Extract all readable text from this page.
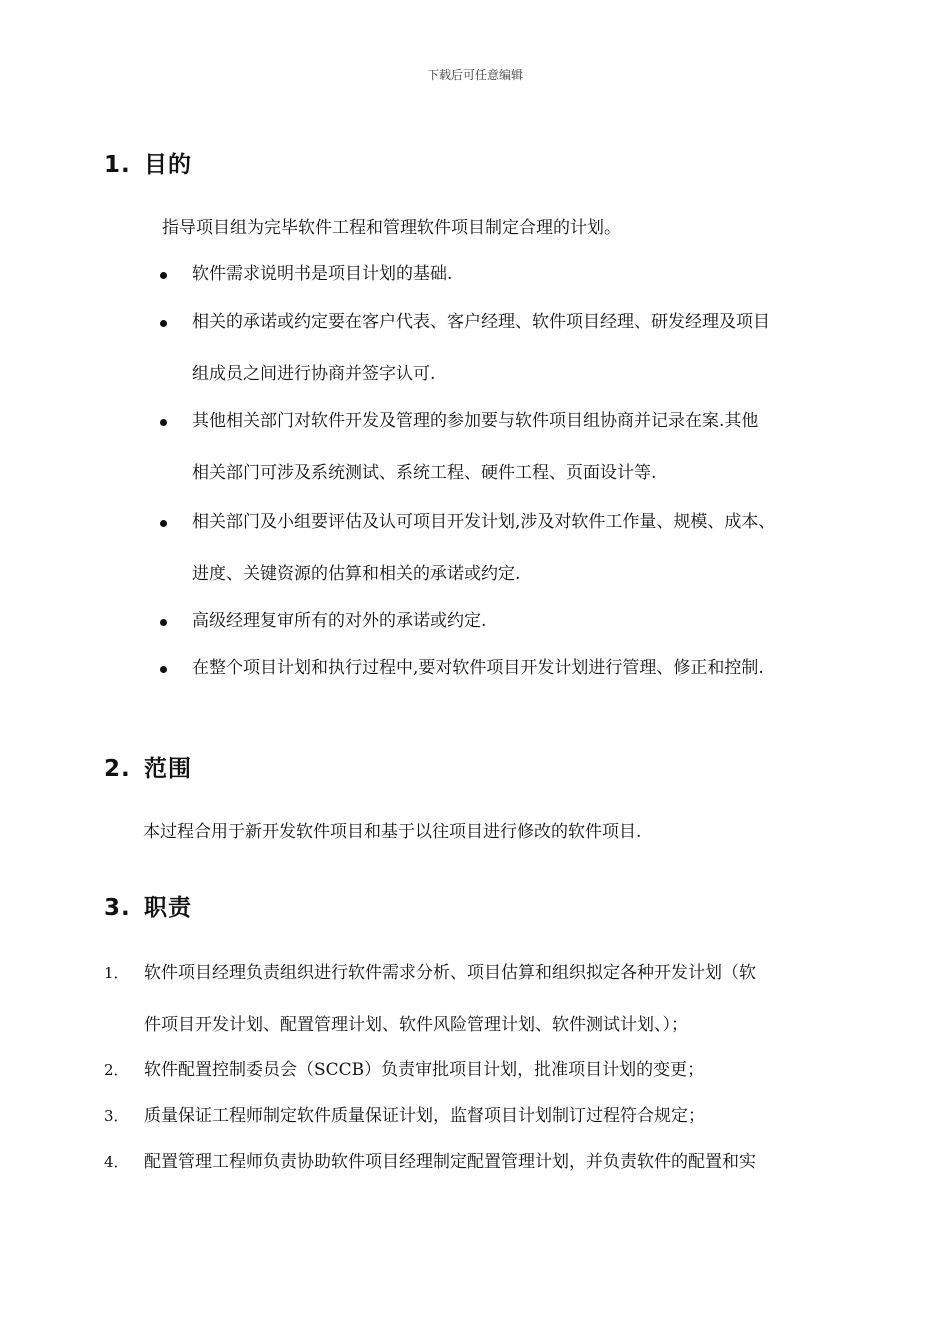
下载后可任意编辑
1. 目的

指导项目组为完毕软件工程和管理软件项目制定合理的计划。

软件需求说明书是项目计划的基础.
相关的承诺或约定要在客户代表、客户经理、软件项目经理、研发经理及项目
组成员之间进行协商并签字认可.
其他相关部门对软件开发及管理的参加要与软件项目组协商并记录在案.其他
相关部门可涉及系统测试、系统工程、硬件工程、页面设计等.
相关部门及小组要评估及认可项目开发计划,涉及对软件工作量、规模、成本、
进度、关键资源的估算和相关的承诺或约定.
高级经理复审所有的对外的承诺或约定.
在整个项目计划和执行过程中,要对软件项目开发计划进行管理、修正和控制.
2. 范围

本过程合用于新开发软件项目和基于以往项目进行修改的软件项目.

3. 职责
1． 软件项目经理负责组织进行软件需求分析、项目估算和组织拟定各种开发计划（软
件项目开发计划、配置管理计划、软件风险管理计划、软件测试计划、）；
2． 软件配置控制委员会（SCCB）负责审批项目计划，批准项目计划的变更；
3． 质量保证工程师制定软件质量保证计划，监督项目计划制订过程符合规定；
4． 配置管理工程师负责协助软件项目经理制定配置管理计划，并负责软件的配置和实
